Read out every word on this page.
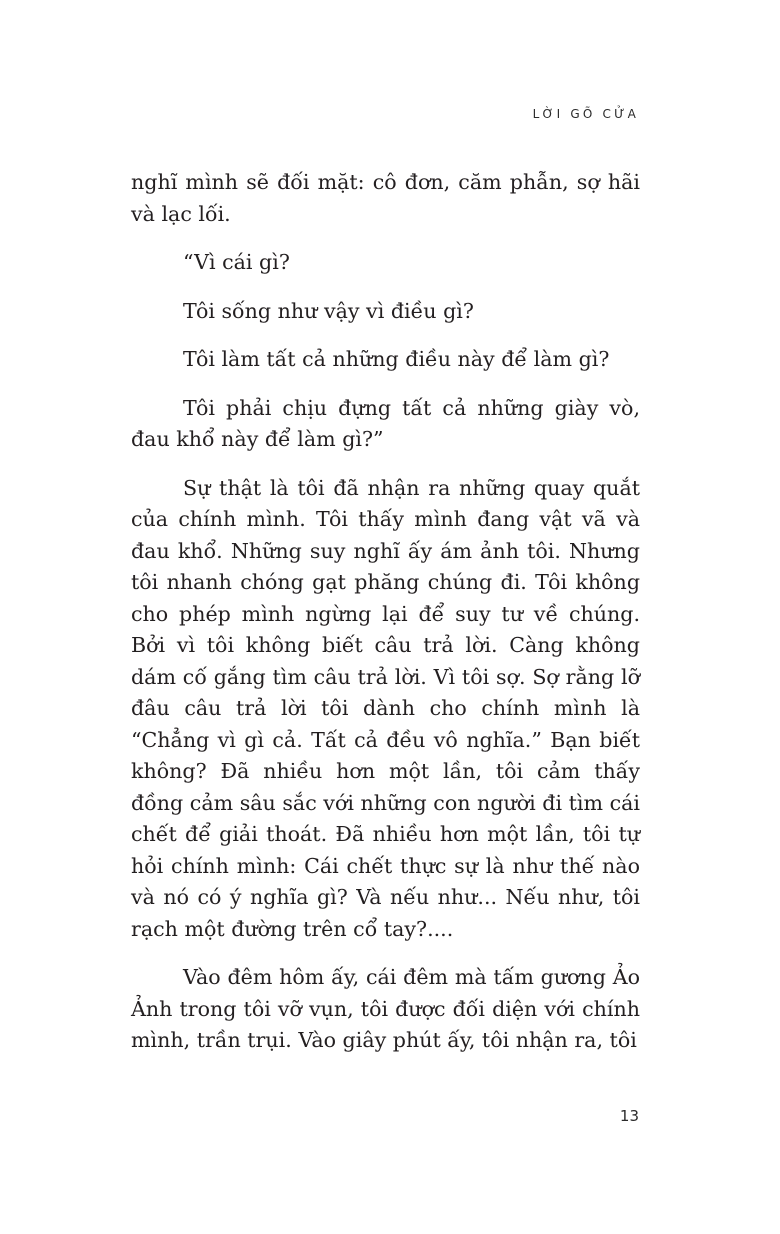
LỜI GÕ CỬA

nghĩ mình sẽ đối mặt: cô đơn, căm phẫn, sợ hãi và lạc lối.

“Vì cái gì?

Tôi sống như vậy vì điều gì?

Tôi làm tất cả những điều này để làm gì?

Tôi phải chịu đựng tất cả những giày vò, đau khổ này để làm gì?”

Sự thật là tôi đã nhận ra những quay quắt của chính mình. Tôi thấy mình đang vật vã và đau khổ. Những suy nghĩ ấy ám ảnh tôi. Nhưng tôi nhanh chóng gạt phăng chúng đi. Tôi không cho phép mình ngừng lại để suy tư về chúng. Bởi vì tôi không biết câu trả lời. Càng không dám cố gắng tìm câu trả lời. Vì tôi sợ. Sợ rằng lỡ đâu câu trả lời tôi dành cho chính mình là “Chẳng vì gì cả. Tất cả đều vô nghĩa.” Bạn biết không? Đã nhiều hơn một lần, tôi cảm thấy đồng cảm sâu sắc với những con người đi tìm cái chết để giải thoát. Đã nhiều hơn một lần, tôi tự hỏi chính mình: Cái chết thực sự là như thế nào và nó có ý nghĩa gì? Và nếu như... Nếu như, tôi rạch một đường trên cổ tay?....

Vào đêm hôm ấy, cái đêm mà tấm gương Ảo Ảnh trong tôi vỡ vụn, tôi được đối diện với chính mình, trần trụi. Vào giây phút ấy, tôi nhận ra, tôi

13
